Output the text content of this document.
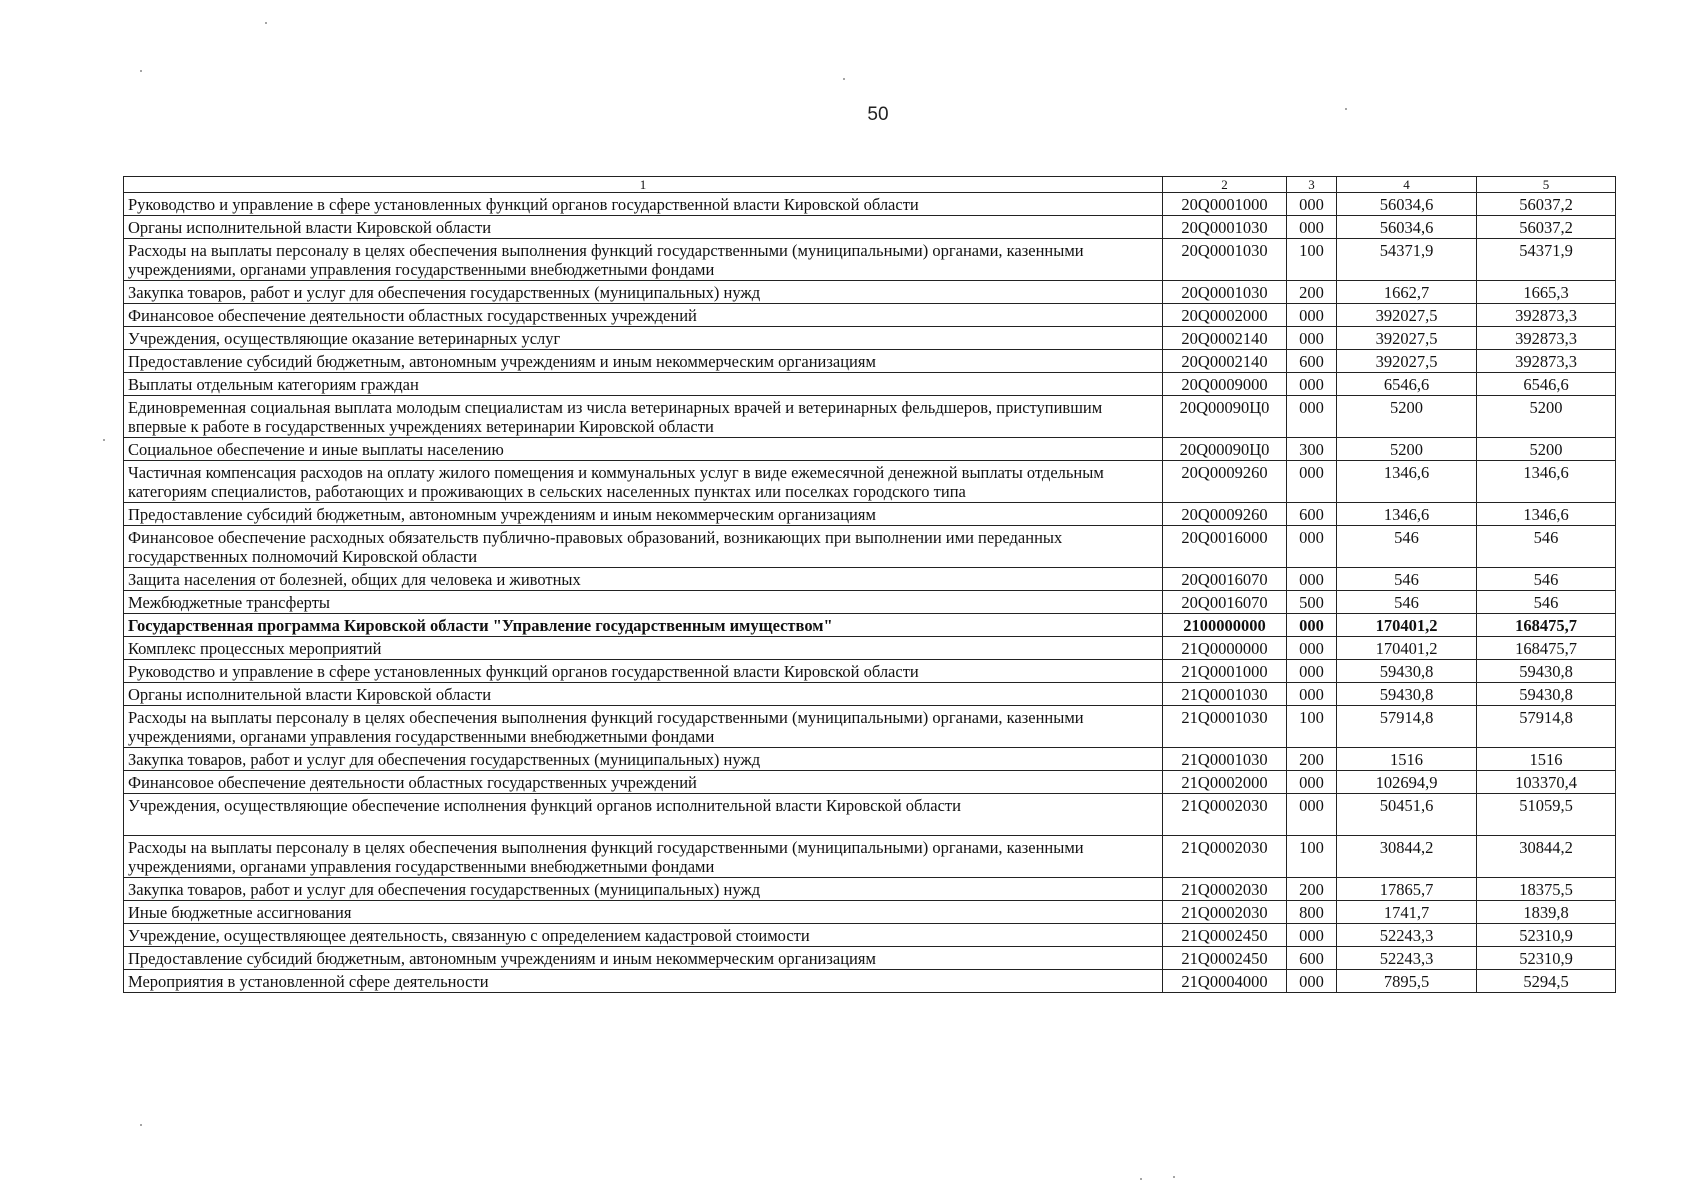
50
1	2	3	4	5
Руководство и управление в сфере установленных функций органов государственной власти Кировской области	20Q0001000	000	56034,6	56037,2
Органы исполнительной власти Кировской области	20Q0001030	000	56034,6	56037,2
Расходы на выплаты персоналу в целях обеспечения выполнения функций государственными (муниципальными) органами, казенными учреждениями, органами управления государственными внебюджетными фондами	20Q0001030	100	54371,9	54371,9
Закупка товаров, работ и услуг для обеспечения государственных (муниципальных) нужд	20Q0001030	200	1662,7	1665,3
Финансовое обеспечение деятельности областных государственных учреждений	20Q0002000	000	392027,5	392873,3
Учреждения, осуществляющие оказание ветеринарных услуг	20Q0002140	000	392027,5	392873,3
Предоставление субсидий бюджетным, автономным учреждениям и иным некоммерческим организациям	20Q0002140	600	392027,5	392873,3
Выплаты отдельным категориям граждан	20Q0009000	000	6546,6	6546,6
Единовременная социальная выплата молодым специалистам из числа ветеринарных врачей и ветеринарных фельдшеров, приступившим впервые к работе в государственных учреждениях ветеринарии Кировской области	20Q00090Ц0	000	5200	5200
Социальное обеспечение и иные выплаты населению	20Q00090Ц0	300	5200	5200
Частичная компенсация расходов на оплату жилого помещения и коммунальных услуг в виде ежемесячной денежной выплаты отдельным категориям специалистов, работающих и проживающих в сельских населенных пунктах или поселках городского типа	20Q0009260	000	1346,6	1346,6
Предоставление субсидий бюджетным, автономным учреждениям и иным некоммерческим организациям	20Q0009260	600	1346,6	1346,6
Финансовое обеспечение расходных обязательств публично-правовых образований, возникающих при выполнении ими переданных государственных полномочий Кировской области	20Q0016000	000	546	546
Защита населения от болезней, общих для человека и животных	20Q0016070	000	546	546
Межбюджетные трансферты	20Q0016070	500	546	546
Государственная программа Кировской области "Управление государственным имуществом"	2100000000	000	170401,2	168475,7
Комплекс процессных мероприятий	21Q0000000	000	170401,2	168475,7
Руководство и управление в сфере установленных функций органов государственной власти Кировской области	21Q0001000	000	59430,8	59430,8
Органы исполнительной власти Кировской области	21Q0001030	000	59430,8	59430,8
Расходы на выплаты персоналу в целях обеспечения выполнения функций государственными (муниципальными) органами, казенными учреждениями, органами управления государственными внебюджетными фондами	21Q0001030	100	57914,8	57914,8
Закупка товаров, работ и услуг для обеспечения государственных (муниципальных) нужд	21Q0001030	200	1516	1516
Финансовое обеспечение деятельности областных государственных учреждений	21Q0002000	000	102694,9	103370,4
Учреждения, осуществляющие обеспечение исполнения функций органов исполнительной власти Кировской области	21Q0002030	000	50451,6	51059,5
Расходы на выплаты персоналу в целях обеспечения выполнения функций государственными (муниципальными) органами, казенными учреждениями, органами управления государственными внебюджетными фондами	21Q0002030	100	30844,2	30844,2
Закупка товаров, работ и услуг для обеспечения государственных (муниципальных) нужд	21Q0002030	200	17865,7	18375,5
Иные бюджетные ассигнования	21Q0002030	800	1741,7	1839,8
Учреждение, осуществляющее деятельность, связанную с определением кадастровой стоимости	21Q0002450	000	52243,3	52310,9
Предоставление субсидий бюджетным, автономным учреждениям и иным некоммерческим организациям	21Q0002450	600	52243,3	52310,9
Мероприятия в установленной сфере деятельности	21Q0004000	000	7895,5	5294,5
